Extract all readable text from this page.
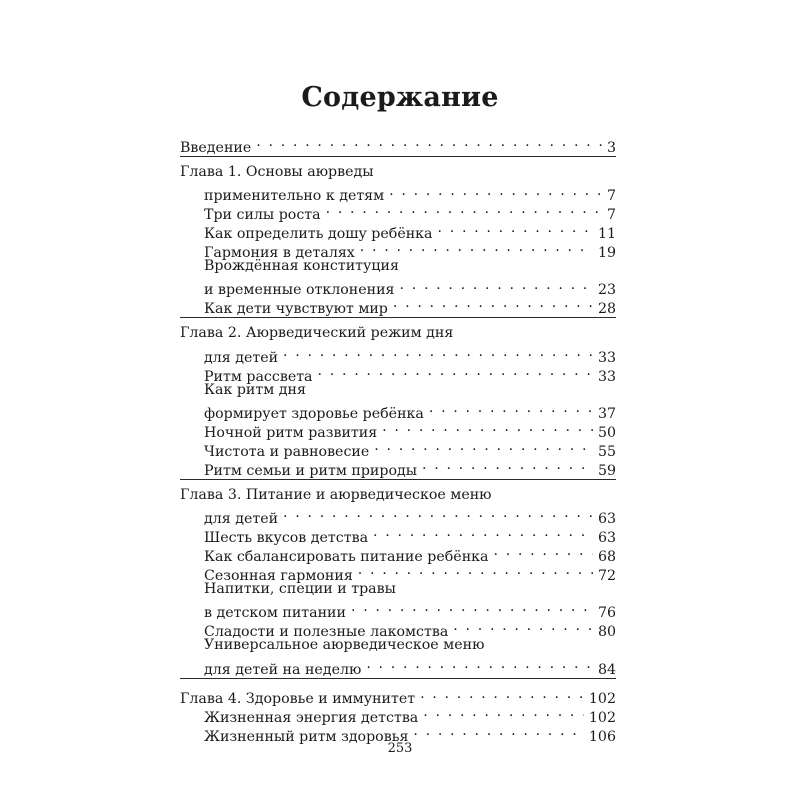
Содержание
Введение . . .	3
Глава 1. Основы аюрведы
применительно к детям . . .	7
Три силы роста . . .	7
Как определить дошу ребёнка . . .	11
Гармония в деталях . . .	19
Врождённая конституция
и временные отклонения . . .	23
Как дети чувствуют мир . . .	28
Глава 2. Аюрведический режим дня
для детей . . .	33
Ритм рассвета . . .	33
Как ритм дня
формирует здоровье ребёнка . . .	37
Ночной ритм развития . . .	50
Чистота и равновесие . . .	55
Ритм семьи и ритм природы . . .	59
Глава 3. Питание и аюрведическое меню
для детей . . .	63
Шесть вкусов детства . . .	63
Как сбалансировать питание ребёнка . . .	68
Сезонная гармония . . .	72
Напитки, специи и травы
в детском питании . . .	76
Сладости и полезные лакомства . . .	80
Универсальное аюрведическое меню
для детей на неделю . . .	84
Глава 4. Здоровье и иммунитет . . .	102
Жизненная энергия детства . . .	102
Жизненный ритм здоровья . . .	106
253
